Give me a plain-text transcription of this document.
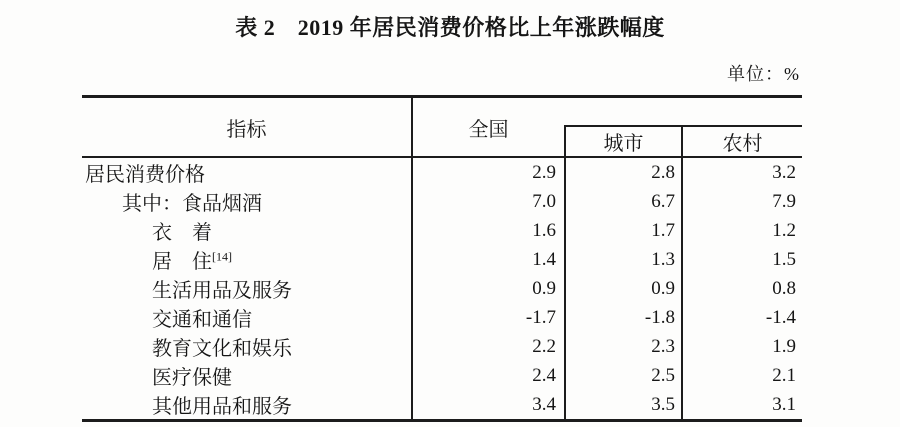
表 2　2019 年居民消费价格比上年涨跌幅度
单位：%
指标	全国		
		城市	农村
居民消费价格	2.9	2.8	3.2
其中：食品烟酒	7.0	6.7	7.9
衣　着	1.6	1.7	1.2
居　住[14]	1.4	1.3	1.5
生活用品及服务	0.9	0.9	0.8
交通和通信	-1.7	-1.8	-1.4
教育文化和娱乐	2.2	2.3	1.9
医疗保健	2.4	2.5	2.1
其他用品和服务	3.4	3.5	3.1
